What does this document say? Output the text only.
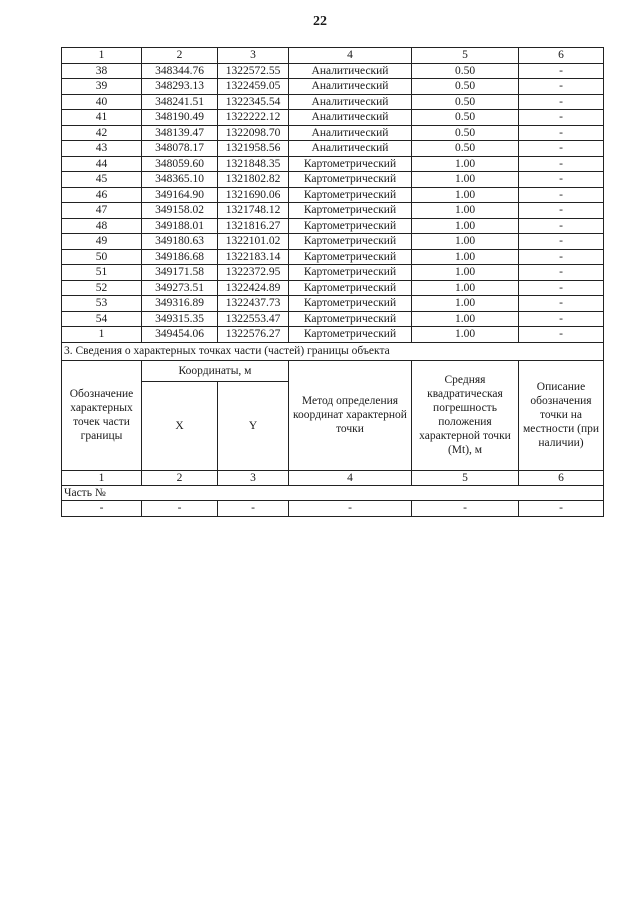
22
1	2	3	4	5	6
38	348344.76	1322572.55	Аналитический	0.50	-
39	348293.13	1322459.05	Аналитический	0.50	-
40	348241.51	1322345.54	Аналитический	0.50	-
41	348190.49	1322222.12	Аналитический	0.50	-
42	348139.47	1322098.70	Аналитический	0.50	-
43	348078.17	1321958.56	Аналитический	0.50	-
44	348059.60	1321848.35	Картометрический	1.00	-
45	348365.10	1321802.82	Картометрический	1.00	-
46	349164.90	1321690.06	Картометрический	1.00	-
47	349158.02	1321748.12	Картометрический	1.00	-
48	349188.01	1321816.27	Картометрический	1.00	-
49	349180.63	1322101.02	Картометрический	1.00	-
50	349186.68	1322183.14	Картометрический	1.00	-
51	349171.58	1322372.95	Картометрический	1.00	-
52	349273.51	1322424.89	Картометрический	1.00	-
53	349316.89	1322437.73	Картометрический	1.00	-
54	349315.35	1322553.47	Картометрический	1.00	-
1	349454.06	1322576.27	Картометрический	1.00	-
3. Сведения о характерных точках части (частей) границы объекта					
Обозначение характерных точек части границы	Координаты, м		Метод определения координат характерной точки	Средняя квадратическая погрешность положения характерной точки (Mt), м	Описание обозначения точки на местности (при наличии)
	X	Y			
1	2	3	4	5	6
Часть №					
-	-	-	-	-	-
